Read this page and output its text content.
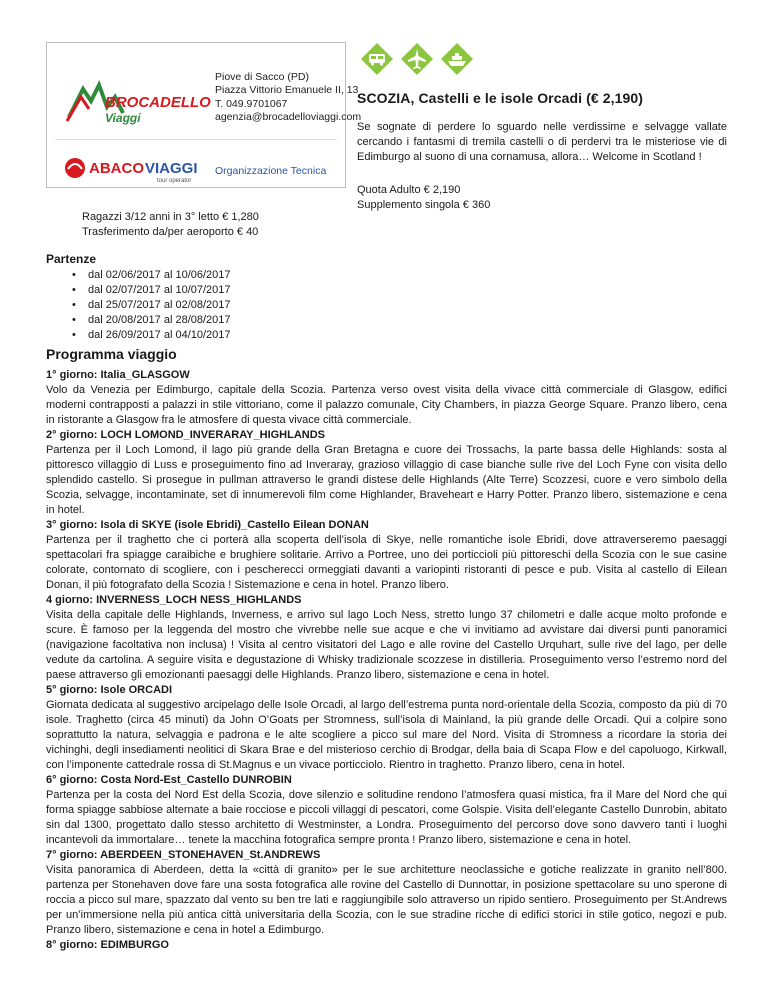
BROCADELLO
Viaggi
Piove di Sacco (PD)
Piazza Vittorio Emanuele II, 13
T. 049.9701067
agenzia@brocadelloviaggi.com
ABACO VIAGGI
tour operator
Organizzazione Tecnica
SCOZIA, Castelli e le isole Orcadi (€ 2,190)
Se sognate di perdere lo sguardo nelle verdissime e selvagge vallate cercando i fantasmi di tremila castelli o di perdervi tra le misteriose vie di Edimburgo al suono di una cornamusa, allora… Welcome in Scotland !
Quota Adulto € 2,190
Supplemento singola € 360
Ragazzi 3/12 anni in 3° letto € 1,280
Trasferimento da/per aeroporto € 40
Partenze
• dal 02/06/2017 al 10/06/2017
• dal 02/07/2017 al 10/07/2017
• dal 25/07/2017 al 02/08/2017
• dal 20/08/2017 al 28/08/2017
• dal 26/09/2017 al 04/10/2017
Programma viaggio
1° giorno: Italia_GLASGOW
Volo da Venezia per Edimburgo, capitale della Scozia. Partenza verso ovest visita della vivace città commerciale di Glasgow, edifici moderni contrapposti a palazzi in stile vittoriano, come il palazzo comunale, City Chambers, in piazza George Square. Pranzo libero, cena in ristorante a Glasgow fra le atmosfere di questa vivace città commerciale.
2° giorno: LOCH LOMOND_INVERARAY_HIGHLANDS
Partenza per il Loch Lomond, il lago più grande della Gran Bretagna e cuore dei Trossachs, la parte bassa delle Highlands: sosta al pittoresco villaggio di Luss e proseguimento fino ad Inveraray, grazioso villaggio di case bianche sulle rive del Loch Fyne con visita dello splendido castello. Si prosegue in pullman attraverso le grandi distese delle Highlands (Alte Terre) Scozzesi, cuore e vero simbolo della Scozia, selvagge, incontaminate, set di innumerevoli film come Highlander, Braveheart e Harry Potter. Pranzo libero, sistemazione e cena in hotel.
3° giorno: Isola di SKYE (isole Ebridi)_Castello Eilean DONAN
Partenza per il traghetto che ci porterà alla scoperta dell’isola di Skye, nelle romantiche isole Ebridi, dove attraverseremo paesaggi spettacolari fra spiagge caraibiche e brughiere solitarie. Arrivo a Portree, uno dei porticcioli più pittoreschi della Scozia con le sue casine colorate, contornato di scogliere, con i pescherecci ormeggiati davanti a variopinti ristoranti di pesce e pub. Visita al castello di Eilean Donan, il più fotografato della Scozia ! Sistemazione e cena in hotel. Pranzo libero.
4 giorno: INVERNESS_LOCH NESS_HIGHLANDS
Visita della capitale delle Highlands, Inverness, e arrivo sul lago Loch Ness, stretto lungo 37 chilometri e dalle acque molto profonde e scure. È famoso per la leggenda del mostro che vivrebbe nelle sue acque e che vi invitiamo ad avvistare dai diversi punti panoramici (navigazione facoltativa non inclusa) ! Visita al centro visitatori del Lago e alle rovine del Castello Urquhart, sulle rive del lago, per delle vedute da cartolina. A seguire visita e degustazione di Whisky tradizionale scozzese in distilleria. Proseguimento verso l’estremo nord del paese attraverso gli emozionanti paesaggi delle Highlands. Pranzo libero, sistemazione e cena in hotel.
5° giorno: Isole ORCADI
Giornata dedicata al suggestivo arcipelago delle Isole Orcadi, al largo dell’estrema punta nord-orientale della Scozia, composto da più di 70 isole. Traghetto (circa 45 minuti) da John O’Goats per Stromness, sull’isola di Mainland, la più grande delle Orcadi. Qui a colpire sono soprattutto la natura, selvaggia e padrona e le alte scogliere a picco sul mare del Nord. Visita di Stromness a ricordare la storia dei vichinghi, degli insediamenti neolitici di Skara Brae e del misterioso cerchio di Brodgar, della baia di Scapa Flow e del capoluogo, Kirkwall, con l’imponente cattedrale rossa di St.Magnus e un vivace porticciolo. Rientro in traghetto. Pranzo libero, cena in hotel.
6° giorno: Costa Nord-Est_Castello DUNROBIN
Partenza per la costa del Nord Est della Scozia, dove silenzio e solitudine rendono l’atmosfera quasi mistica, fra il Mare del Nord che qui forma spiagge sabbiose alternate a baie rocciose e piccoli villaggi di pescatori, come Golspie. Visita dell’elegante Castello Dunrobin, abitato sin dal 1300, progettato dallo stesso architetto di Westminster, a Londra. Proseguimento del percorso dove sono davvero tanti i luoghi incantevoli da immortalare… tenete la macchina fotografica sempre pronta ! Pranzo libero, sistemazione e cena in hotel.
7° giorno: ABERDEEN_STONEHAVEN_St.ANDREWS
Visita panoramica di Aberdeen, detta la «città di granito» per le sue architetture neoclassiche e gotiche realizzate in granito nell’800. partenza per Stonehaven dove fare una sosta fotografica alle rovine del Castello di Dunnottar, in posizione spettacolare su uno sperone di roccia a picco sul mare, spazzato dal vento su ben tre lati e raggiungibile solo attraverso un ripido sentiero. Proseguimento per St.Andrews per un’immersione nella più antica città universitaria della Scozia, con le sue stradine ricche di edifici storici in stile gotico, negozi e pub. Pranzo libero, sistemazione e cena in hotel a Edimburgo.
8° giorno: EDIMBURGO
